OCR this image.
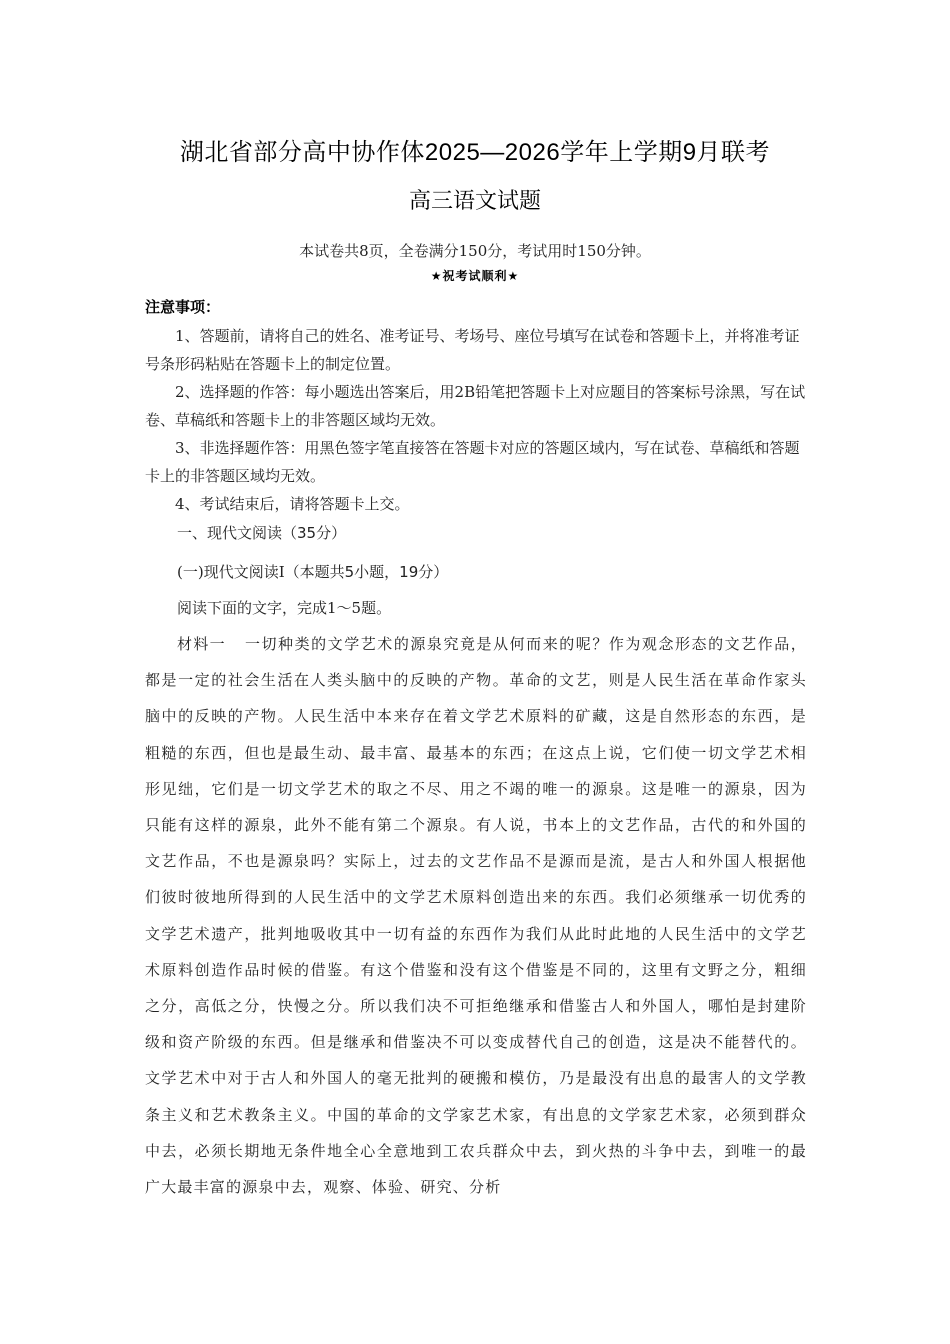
湖北省部分高中协作体2025—2026学年上学期9月联考
高三语文试题
本试卷共8页，全卷满分150分，考试用时150分钟。
★祝考试顺利★
注意事项：

1、答题前，请将自己的姓名、准考证号、考场号、座位号填写在试卷和答题卡上，并将准考证号条形码粘贴在答题卡上的制定位置。

2、选择题的作答：每小题选出答案后，用2B铅笔把答题卡上对应题目的答案标号涂黑，写在试卷、草稿纸和答题卡上的非答题区域均无效。

3、非选择题作答：用黑色签字笔直接答在答题卡对应的答题区域内，写在试卷、草稿纸和答题卡上的非答题区域均无效。

4、考试结束后，请将答题卡上交。

一、现代文阅读（35分）
(一)现代文阅读Ⅰ（本题共5小题，19分）
阅读下面的文字，完成1～5题。

材料一 一切种类的文学艺术的源泉究竟是从何而来的呢？作为观念形态的文艺作品，都是一定的社会生活在人类头脑中的反映的产物。革命的文艺，则是人民生活在革命作家头脑中的反映的产物。人民生活中本来存在着文学艺术原料的矿藏，这是自然形态的东西，是粗糙的东西，但也是最生动、最丰富、最基本的东西；在这点上说，它们使一切文学艺术相形见绌，它们是一切文学艺术的取之不尽、用之不竭的唯一的源泉。这是唯一的源泉，因为只能有这样的源泉，此外不能有第二个源泉。有人说，书本上的文艺作品，古代的和外国的文艺作品，不也是源泉吗？实际上，过去的文艺作品不是源而是流，是古人和外国人根据他们彼时彼地所得到的人民生活中的文学艺术原料创造出来的东西。我们必须继承一切优秀的文学艺术遗产，批判地吸收其中一切有益的东西作为我们从此时此地的人民生活中的文学艺术原料创造作品时候的借鉴。有这个借鉴和没有这个借鉴是不同的，这里有文野之分，粗细之分，高低之分，快慢之分。所以我们决不可拒绝继承和借鉴古人和外国人，哪怕是封建阶级和资产阶级的东西。但是继承和借鉴决不可以变成替代自己的创造，这是决不能替代的。文学艺术中对于古人和外国人的毫无批判的硬搬和模仿，乃是最没有出息的最害人的文学教条主义和艺术教条主义。中国的革命的文学家艺术家，有出息的文学家艺术家，必须到群众中去，必须长期地无条件地全心全意地到工农兵群众中去，到火热的斗争中去，到唯一的最广大最丰富的源泉中去，观察、体验、研究、分析
